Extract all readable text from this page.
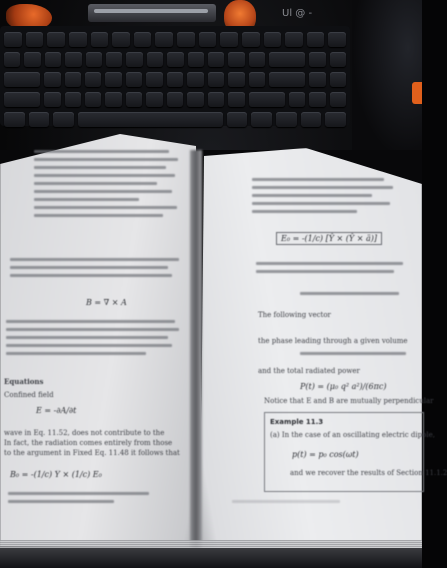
Ul @ -
B = ∇ × A
Equations
Confined field
E = -∂A/∂t
wave in Eq. 11.52, does not contribute to the
In fact, the radiation comes entirely from those
to the argument in Fixed Eq. 11.48 it follows that
B₀ = -(1/c) Ŷ × (1/c) E₀
E₀ = -(1/c) [Ŷ × (Ŷ × ä)]
The following vector
the phase leading through a given volume
and the total radiated power
P(t) = (μ₀ q² a²)/(6πc)
Notice that E and B are mutually perpendicular
Example 11.3
(a) In the case of an oscillating electric dipole,
p(t) = p₀ cos(ωt)
and we recover the results of Section 11.1.2
